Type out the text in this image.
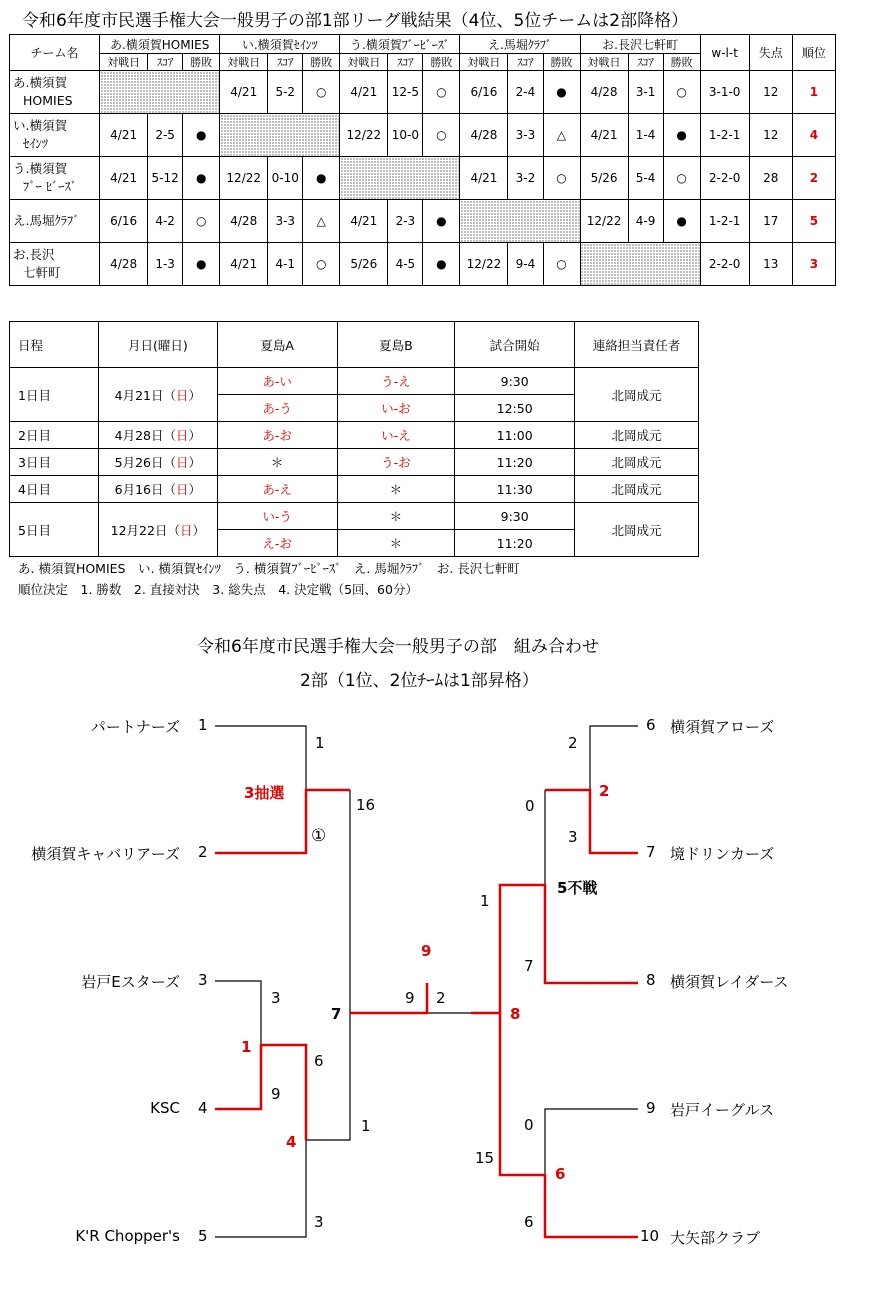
令和6年度市民選手権大会一般男子の部1部リーグ戦結果（4位、5位チームは2部降格）
チーム名	あ.横須賀HOMIES			い.横須賀ｾｲﾝﾂ			う.横須賀ﾌﾞｰﾋﾞｰｽﾞ			え.馬堀ｸﾗﾌﾞ			お.長沢七軒町			w-l-t	失点	順位
	対戦日	ｽｺｱ	勝敗	対戦日	ｽｺｱ	勝敗	対戦日	ｽｺｱ	勝敗	対戦日	ｽｺｱ	勝敗	対戦日	ｽｺｱ	勝敗			

あ.横須賀
HOMIES				4/21	5-2	○	4/21	12-5	○	6/16	2-4	●	4/28	3-1	○	3-1-0	12	1

い.横須賀
ｾｲﾝﾂ	4/21	2-5	●				12/22	10-0	○	4/28	3-3	△	4/21	1-4	●	1-2-1	12	4

う.横須賀
ﾌﾞｰ ﾋﾞｰｽﾞ	4/21	5-12	●	12/22	0-10	●				4/21	3-2	○	5/26	5-4	○	2-2-0	28	2

え.馬堀ｸﾗﾌﾞ	6/16	4-2	○	4/28	3-3	△	4/21	2-3	●				12/22	4-9	●	1-2-1	17	5

お.長沢
七軒町	4/28	1-3	●	4/21	4-1	○	5/26	4-5	●	12/22	9-4	○				2-2-0	13	3
日程	月日(曜日)	夏島A	夏島B	試合開始	連絡担当責任者
1日目	4月21日（日）	あ-い	う-え	9:30	北岡成元
		あ-う	い-お	12:50	
2日目	4月28日（日）	あ-お	い-え	11:00	北岡成元
3日目	5月26日（日）	＊	う-お	11:20	北岡成元
4日目	6月16日（日）	あ-え	＊	11:30	北岡成元
5日目	12月22日（日）	い-う	＊	9:30	北岡成元
		え-お	＊	11:20	
あ. 横須賀HOMIES　い. 横須賀ｾｲﾝﾂ　う. 横須賀ﾌﾞｰﾋﾞｰｽﾞ　え. 馬堀ｸﾗﾌﾞ　お. 長沢七軒町
順位決定　1. 勝数　2. 直接対決　3. 総失点　4. 決定戦（5回、60分）
令和6年度市民選手権大会一般男子の部　組み合わせ
2部（1位、2位ﾁｰﾑは1部昇格）
パートナーズ 1
横須賀キャバリアーズ 2
岩戸Eスターズ 3
KSC 4
K'R Chopper's 5
6 横須賀アローズ
7 境ドリンカーズ
8 横須賀レイダース
9 岩戸イーグルス
10 大矢部クラブ
1
16
①
3
9
6
1
3
7
9 2
2
0
3
1
7
0
15
6
3抽選
1
4
9
8
2
6
5不戦
